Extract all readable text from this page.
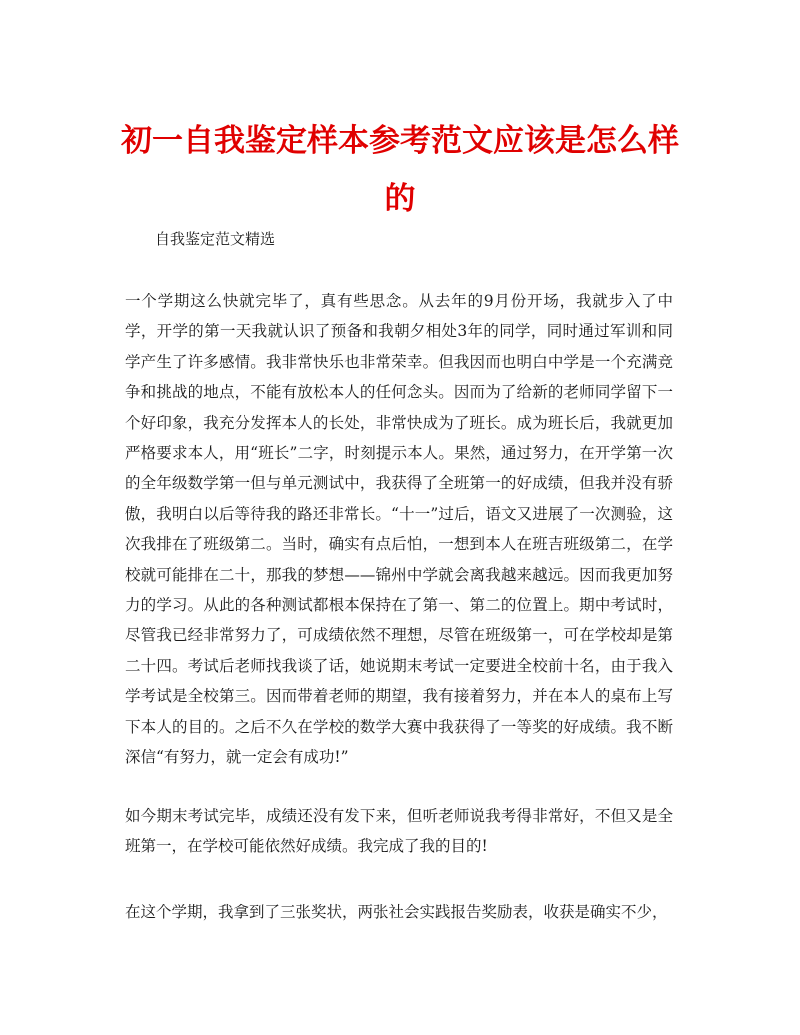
初一自我鉴定样本参考范文应该是怎么样的

自我鉴定范文精选

一个学期这么快就完毕了，真有些思念。从去年的9月份开场，我就步入了中学，开学的第一天我就认识了预备和我朝夕相处3年的同学，同时通过军训和同学产生了许多感情。我非常快乐也非常荣幸。但我因而也明白中学是一个充满竞争和挑战的地点，不能有放松本人的任何念头。因而为了给新的老师同学留下一个好印象，我充分发挥本人的长处，非常快成为了班长。成为班长后，我就更加严格要求本人，用“班长”二字，时刻提示本人。果然，通过努力，在开学第一次的全年级数学第一但与单元测试中，我获得了全班第一的好成绩，但我并没有骄傲，我明白以后等待我的路还非常长。“十一”过后，语文又进展了一次测验，这次我排在了班级第二。当时，确实有点后怕，一想到本人在班吉班级第二，在学校就可能排在二十，那我的梦想——锦州中学就会离我越来越远。因而我更加努力的学习。从此的各种测试都根本保持在了第一、第二的位置上。期中考试时，尽管我已经非常努力了，可成绩依然不理想，尽管在班级第一，可在学校却是第二十四。考试后老师找我谈了话，她说期末考试一定要进全校前十名，由于我入学考试是全校第三。因而带着老师的期望，我有接着努力，并在本人的桌布上写下本人的目的。之后不久在学校的数学大赛中我获得了一等奖的好成绩。我不断深信“有努力，就一定会有成功!”

如今期末考试完毕，成绩还没有发下来，但听老师说我考得非常好，不但又是全班第一，在学校可能依然好成绩。我完成了我的目的!

在这个学期，我拿到了三张奖状，两张社会实践报告奖励表，收获是确实不少，
